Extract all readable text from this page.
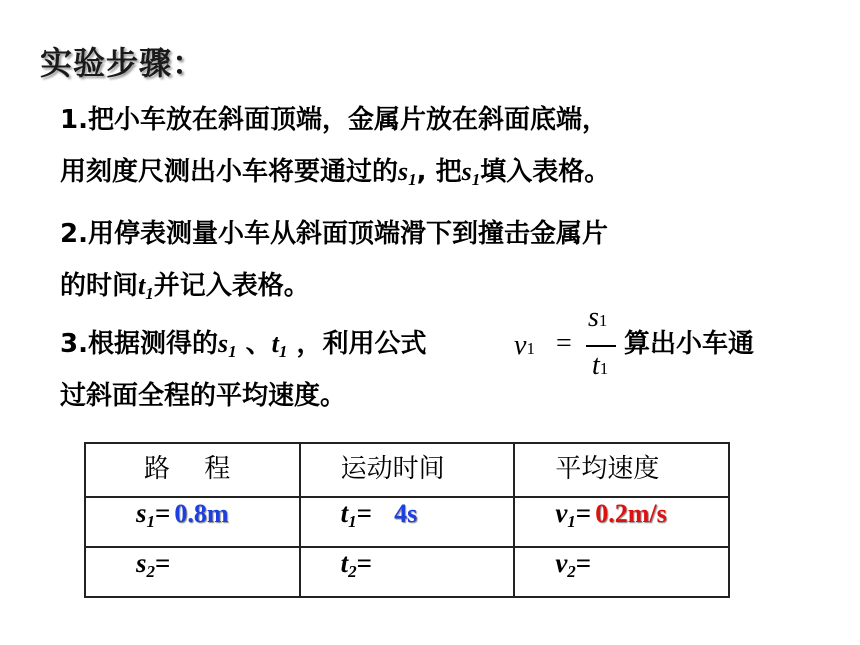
实验步骤：
1.把小车放在斜面顶端，金属片放在斜面底端，
用刻度尺测出小车将要通过的$s_1$, 把$s_1$填入表格。
2.用停表测量小车从斜面顶端滑下到撞击金属片
的时间$t_1$并记入表格。
3.根据测得的$s_1$ 、$t_1$ ，利用公式	v1 =
s1
t1
算出小车通
过斜面全程的平均速度。
路　 程	运动时间	平均速度
$s_1= 0.8m$	$t_1= 4s$	$v_1= 0.2m/s$
$s_2=$	$t_2=$	$v_2=$
